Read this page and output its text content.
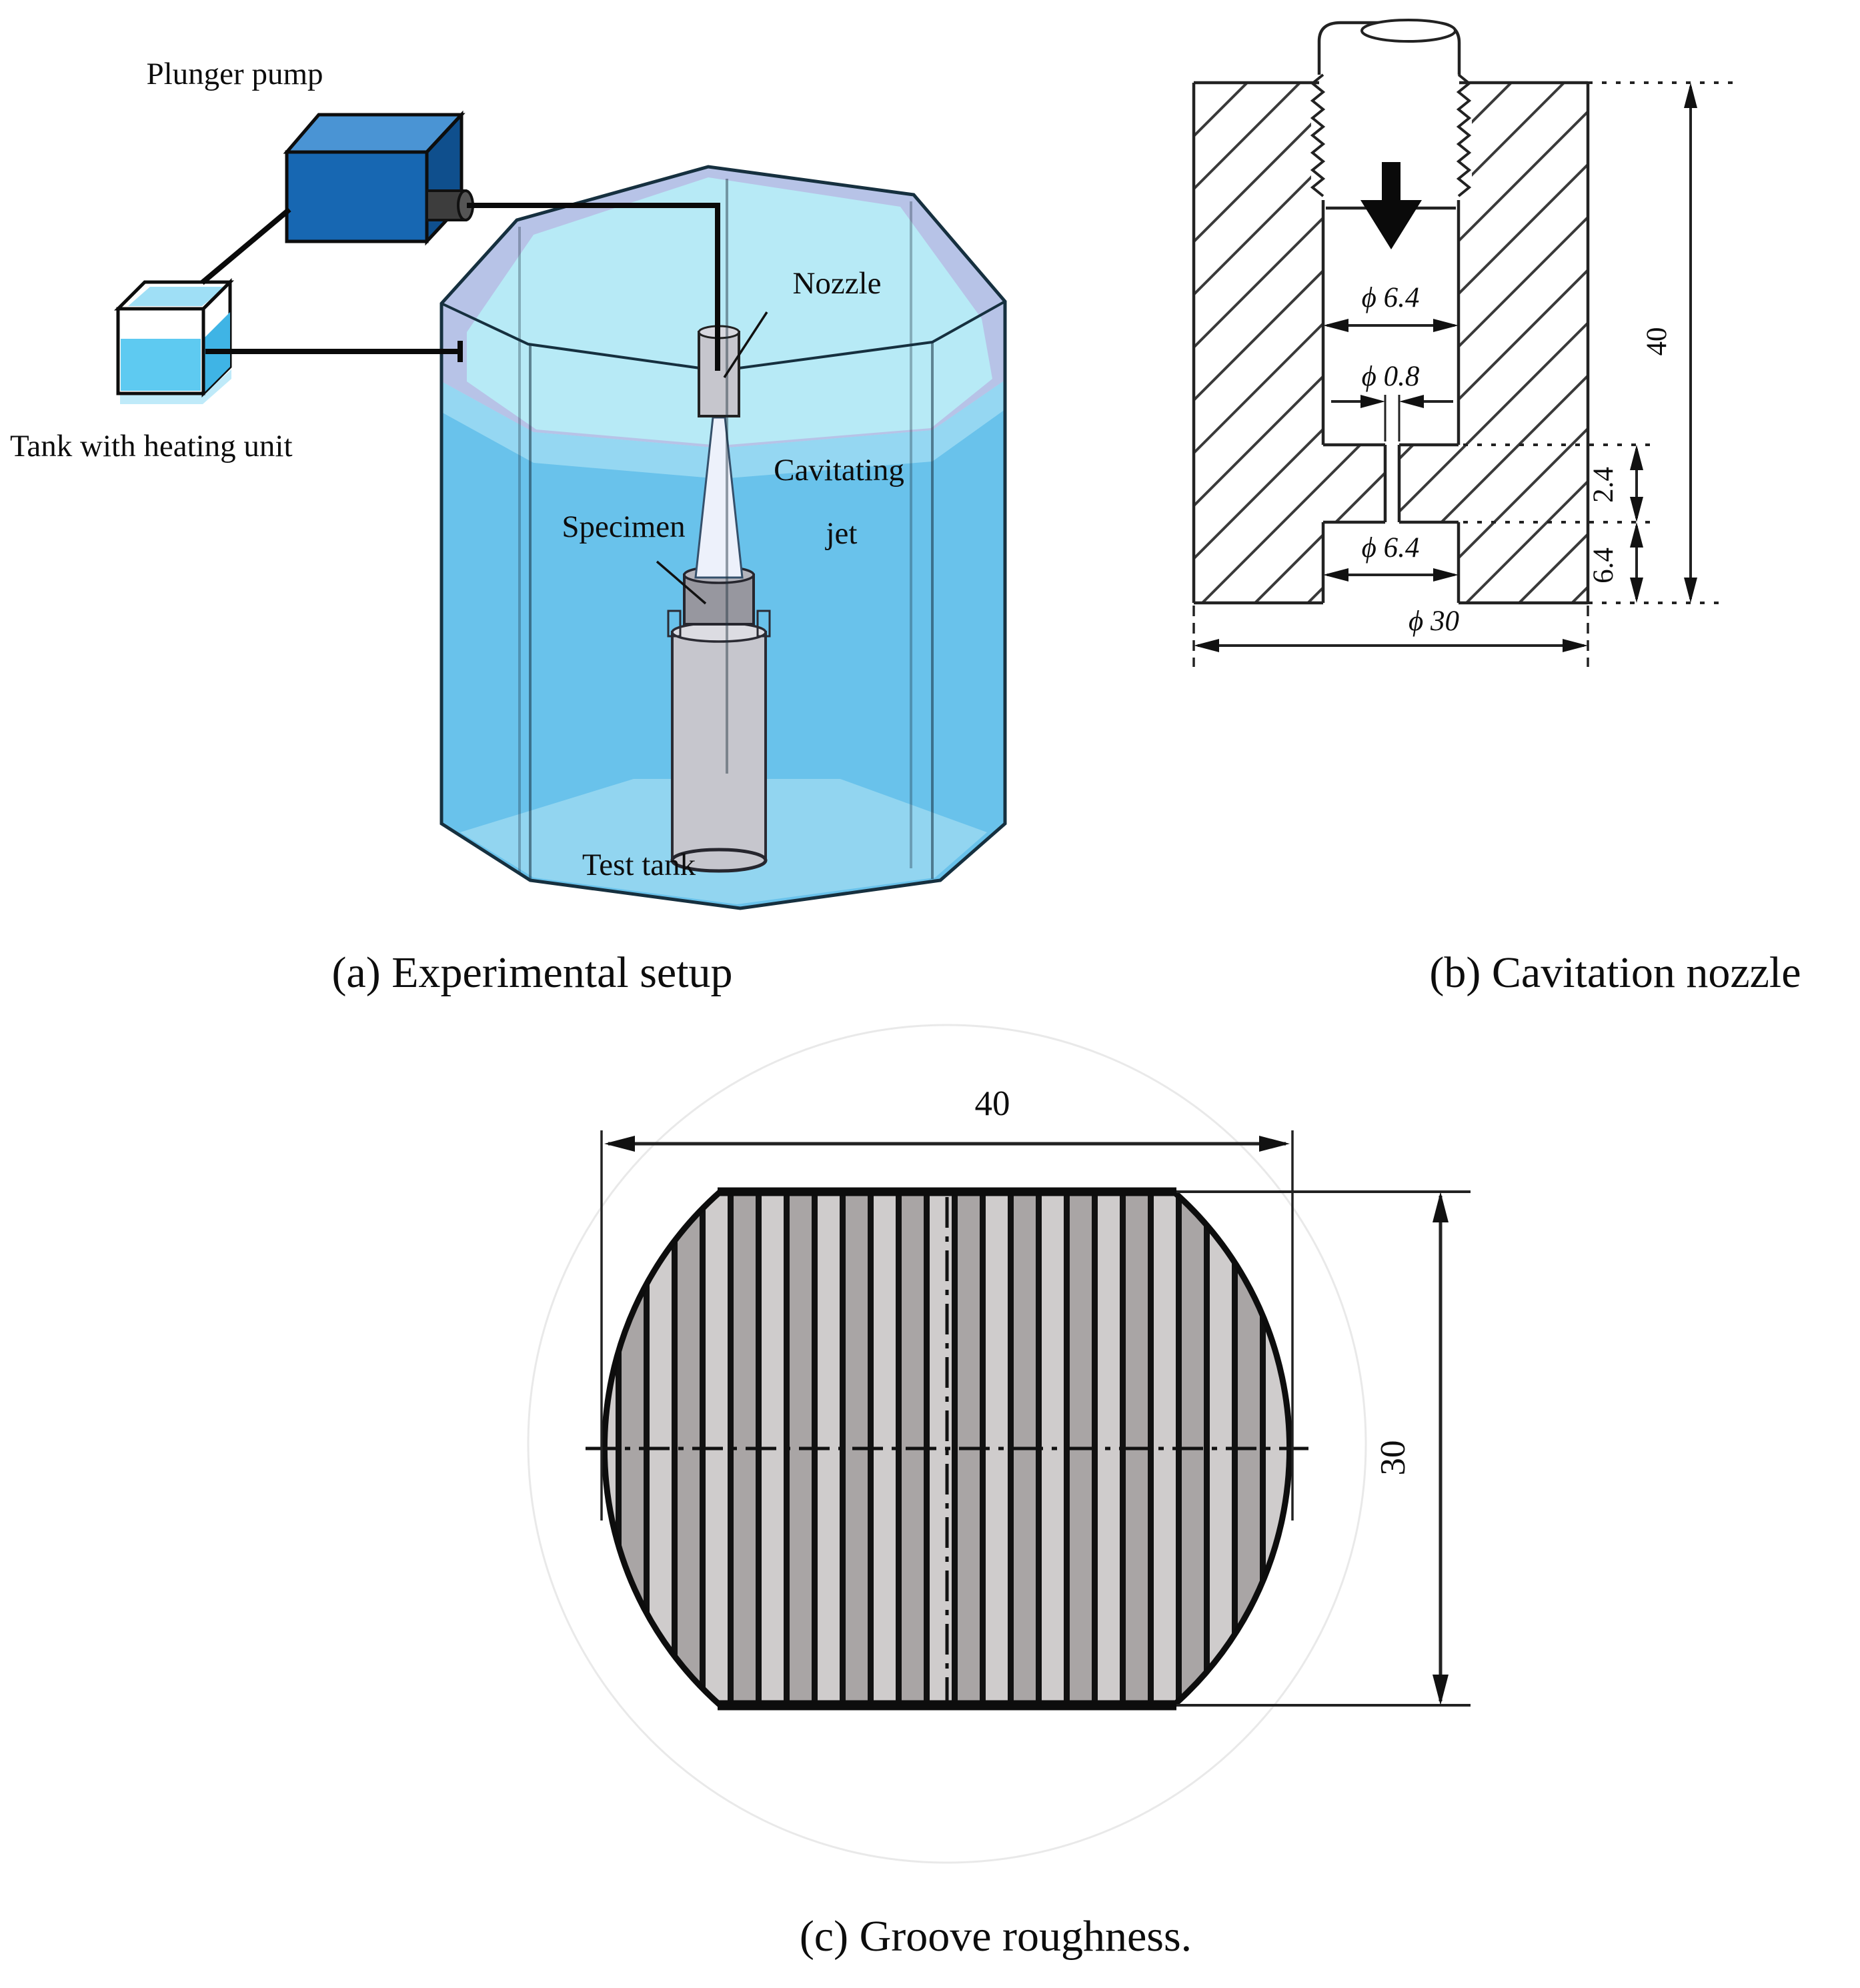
Plunger pump
Tank with heating unit
Nozzle
Cavitating
jet
Specimen
Test tank
(a) Experimental setup
ϕ 6.4
ϕ 0.8
ϕ 6.4
ϕ 30
2.4
6.4
40
(b) Cavitation nozzle
40
30
(c) Groove roughness.
